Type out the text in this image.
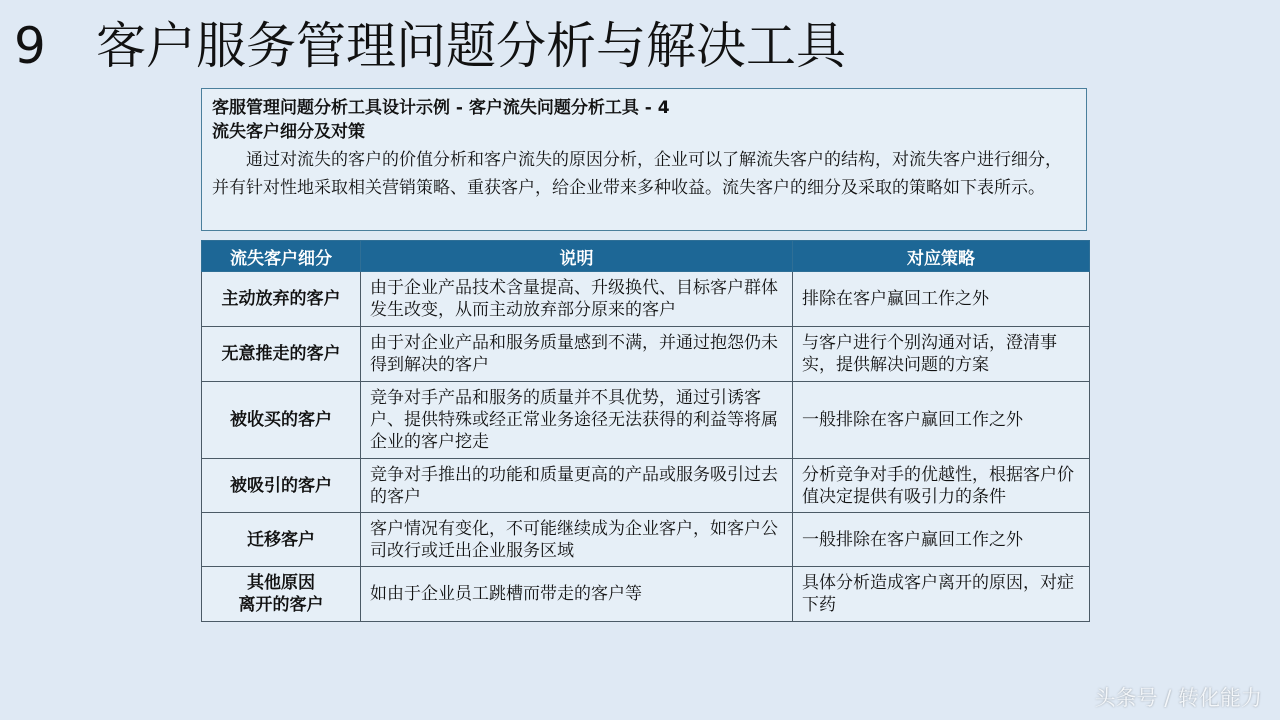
9 客户服务管理问题分析与解决工具
客服管理问题分析工具设计示例 - 客户流失问题分析工具 - 4
流失客户细分及对策

通过对流失的客户的价值分析和客户流失的原因分析，企业可以了解流失客户的结构，对流失客户进行细分，并有针对性地采取相关营销策略、重获客户，给企业带来多种收益。流失客户的细分及采取的策略如下表所示。

流失客户细分	说明	对应策略
主动放弃的客户	由于企业产品技术含量提高、升级换代、目标客户群体发生改变，从而主动放弃部分原来的客户	排除在客户赢回工作之外
无意推走的客户	由于对企业产品和服务质量感到不满，并通过抱怨仍未得到解决的客户	与客户进行个别沟通对话，澄清事实，提供解决问题的方案
被收买的客户	竞争对手产品和服务的质量并不具优势，通过引诱客户、提供特殊或经正常业务途径无法获得的利益等将属企业的客户挖走	一般排除在客户赢回工作之外
被吸引的客户	竞争对手推出的功能和质量更高的产品或服务吸引过去的客户	分析竞争对手的优越性，根据客户价值决定提供有吸引力的条件
迁移客户	客户情况有变化，不可能继续成为企业客户，如客户公司改行或迁出企业服务区域	一般排除在客户赢回工作之外

其他原因
离开的客户	如由于企业员工跳槽而带走的客户等	具体分析造成客户离开的原因，对症下药
头条号 / 转化能力
